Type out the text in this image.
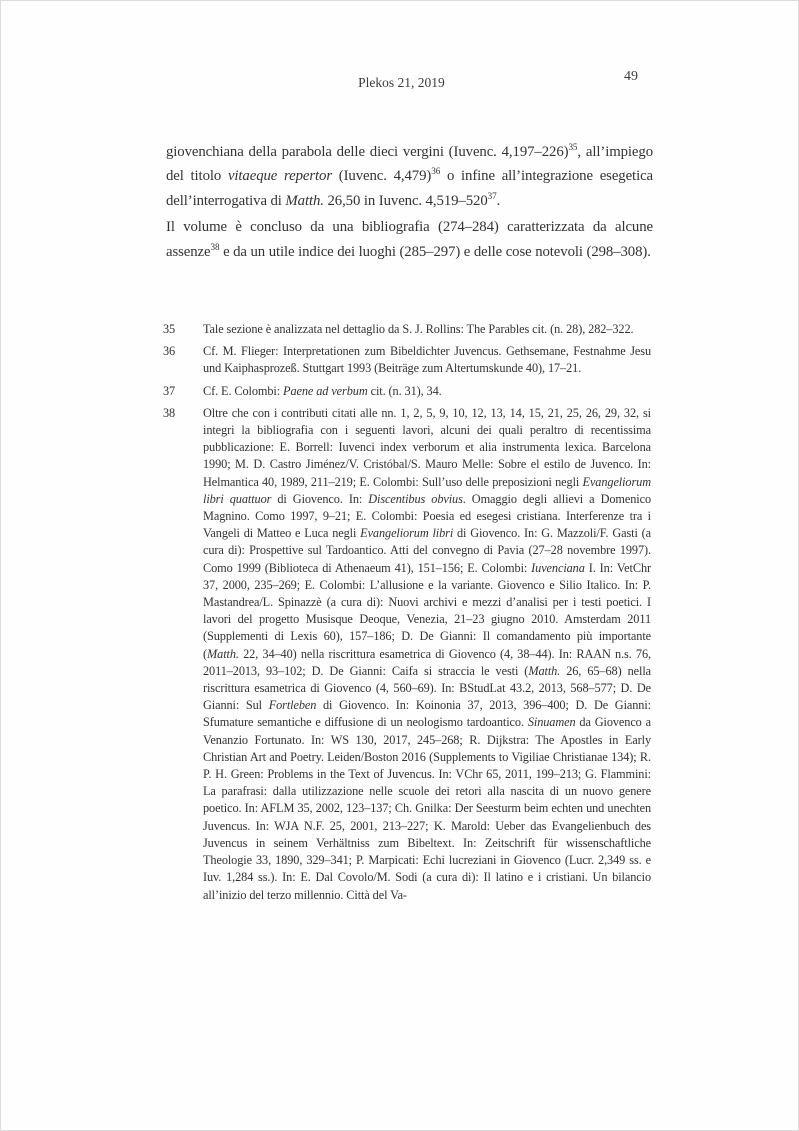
Plekos 21, 2019	49

giovenchiana della parabola delle dieci vergini (Iuvenc. 4,197–226)$^{35}$, all’impiego del titolo vitaeque repertor (Iuvenc. 4,479)$^{36}$ o infine all’integrazione esegetica dell’interrogativa di Matth. 26,50 in Iuvenc. 4,519–520$^{37}$.

Il volume è concluso da una bibliografia (274–284) caratterizzata da alcune assenze$^{38}$ e da un utile indice dei luoghi (285–297) e delle cose notevoli (298–308).

35	Tale sezione è analizzata nel dettaglio da S. J. Rollins: The Parables cit. (n. 28), 282–322.
36	Cf. M. Flieger: Interpretationen zum Bibeldichter Juvencus. Gethsemane, Festnahme Jesu und Kaiphasprozeß. Stuttgart 1993 (Beiträge zum Altertumskunde 40), 17–21.
37	Cf. E. Colombi: Paene ad verbum cit. (n. 31), 34.
38	Oltre che con i contributi citati alle nn. 1, 2, 5, 9, 10, 12, 13, 14, 15, 21, 25, 26, 29, 32, si integri la bibliografia con i seguenti lavori, alcuni dei quali peraltro di recentissima pubblicazione: E. Borrell: Iuvenci index verborum et alia instrumenta lexica. Barcelona 1990; M. D. Castro Jiménez/V. Cristóbal/S. Mauro Melle: Sobre el estilo de Juvenco. In: Helmantica 40, 1989, 211–219; E. Colombi: Sull’uso delle preposizioni negli Evangeliorum libri quattuor di Giovenco. In: Discentibus obvius. Omaggio degli allievi a Domenico Magnino. Como 1997, 9–21; E. Colombi: Poesia ed esegesi cristiana. Interferenze tra i Vangeli di Matteo e Luca negli Evangeliorum libri di Giovenco. In: G. Mazzoli/F. Gasti (a cura di): Prospettive sul Tardoantico. Atti del convegno di Pavia (27–28 novembre 1997). Como 1999 (Biblioteca di Athenaeum 41), 151–156; E. Colombi: Iuvenciana I. In: VetChr 37, 2000, 235–269; E. Colombi: L’allusione e la variante. Giovenco e Silio Italico. In: P. Mastandrea/L. Spinazzè (a cura di): Nuovi archivi e mezzi d’analisi per i testi poetici. I lavori del progetto Musisque Deoque, Venezia, 21–23 giugno 2010. Amsterdam 2011 (Supplementi di Lexis 60), 157–186; D. De Gianni: Il comandamento più importante (Matth. 22, 34–40) nella riscrittura esametrica di Giovenco (4, 38–44). In: RAAN n.s. 76, 2011–2013, 93–102; D. De Gianni: Caifa si straccia le vesti (Matth. 26, 65–68) nella riscrittura esametrica di Giovenco (4, 560–69). In: BStudLat 43.2, 2013, 568–577; D. De Gianni: Sul Fortleben di Giovenco. In: Koinonia 37, 2013, 396–400; D. De Gianni: Sfumature semantiche e diffusione di un neologismo tardoantico. Sinuamen da Giovenco a Venanzio Fortunato. In: WS 130, 2017, 245–268; R. Dijkstra: The Apostles in Early Christian Art and Poetry. Leiden/Boston 2016 (Supplements to Vigiliae Christianae 134); R. P. H. Green: Problems in the Text of Juvencus. In: VChr 65, 2011, 199–213; G. Flammini: La parafrasi: dalla utilizzazione nelle scuole dei retori alla nascita di un nuovo genere poetico. In: AFLM 35, 2002, 123–137; Ch. Gnilka: Der Seesturm beim echten und unechten Juvencus. In: WJA N.F. 25, 2001, 213–227; K. Marold: Ueber das Evangelienbuch des Juvencus in seinem Verhältniss zum Bibeltext. In: Zeitschrift für wissenschaftliche Theologie 33, 1890, 329–341; P. Marpicati: Echi lucreziani in Giovenco (Lucr. 2,349 ss. e Iuv. 1,284 ss.). In: E. Dal Covolo/M. Sodi (a cura di): Il latino e i cristiani. Un bilancio all’inizio del terzo millennio. Città del Va-
